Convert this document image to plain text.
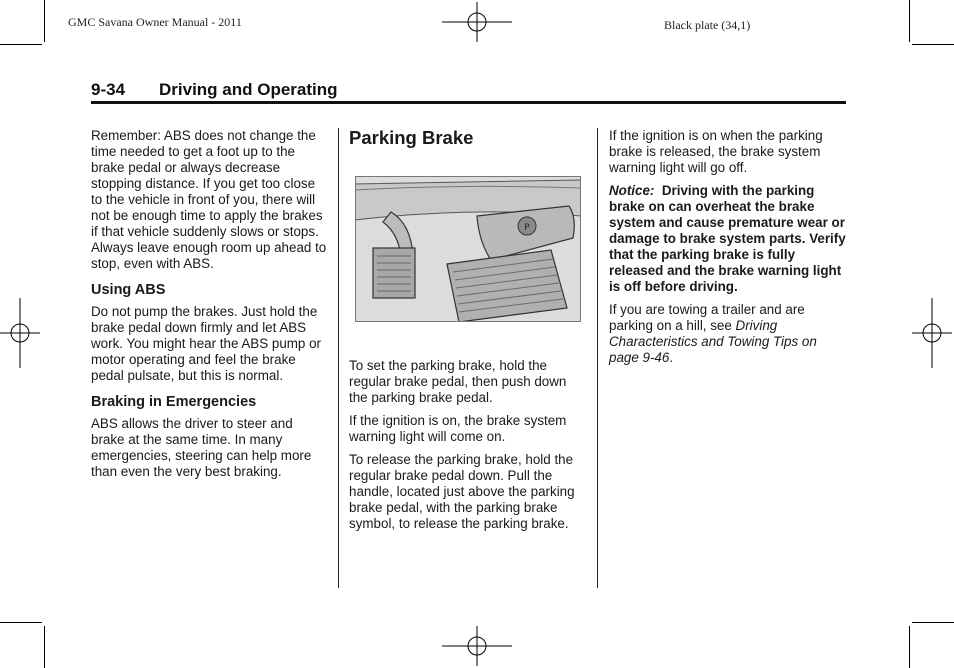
GMC Savana Owner Manual - 2011	Black plate (34,1)
9-34 Driving and Operating

Remember: ABS does not change the time needed to get a foot up to the brake pedal or always decrease stopping distance. If you get too close to the vehicle in front of you, there will not be enough time to apply the brakes if that vehicle suddenly slows or stops. Always leave enough room up ahead to stop, even with ABS.

Using ABS

Do not pump the brakes. Just hold the brake pedal down firmly and let ABS work. You might hear the ABS pump or motor operating and feel the brake pedal pulsate, but this is normal.

Braking in Emergencies

ABS allows the driver to steer and brake at the same time. In many emergencies, steering can help more than even the very best braking.

Parking Brake
P

To set the parking brake, hold the regular brake pedal, then push down the parking brake pedal.

If the ignition is on, the brake system warning light will come on.

To release the parking brake, hold the regular brake pedal down. Pull the handle, located just above the parking brake pedal, with the parking brake symbol, to release the parking brake.

If the ignition is on when the parking brake is released, the brake system warning light will go off.

Notice: Driving with the parking brake on can overheat the brake system and cause premature wear or damage to brake system parts. Verify that the parking brake is fully released and the brake warning light is off before driving.

If you are towing a trailer and are parking on a hill, see Driving Characteristics and Towing Tips on page 9-46.
